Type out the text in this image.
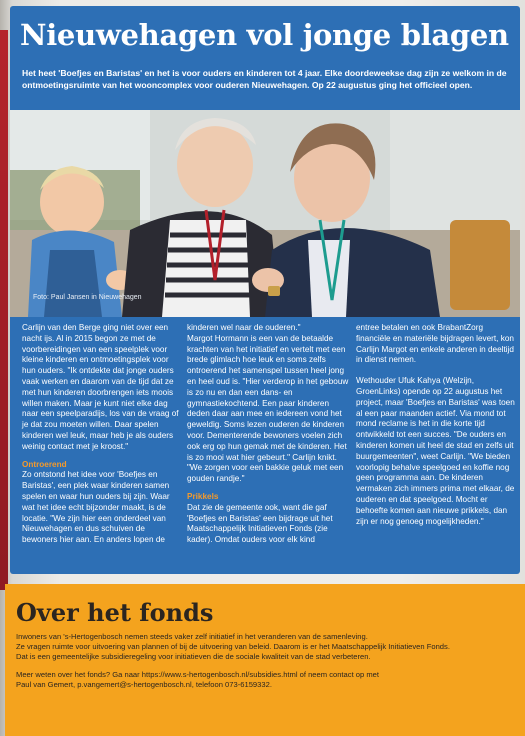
Nieuwehagen vol jonge blagen

Het heet 'Boefjes en Baristas' en het is voor ouders en kinderen tot 4 jaar. Elke doordeweekse dag zijn ze welkom in de ontmoetingsruimte van het wooncomplex voor ouderen Nieuwehagen. Op 22 augustus ging het officieel open.

Foto: Paul Jansen in Nieuwehagen

Carlijn van den Berge ging niet over een nacht ijs. Al in 2015 begon ze met de voorbereidingen van een speelplek voor kleine kinderen en ontmoetingsplek voor hun ouders. "Ik ontdekte dat jonge ouders vaak werken en daarom van de tijd dat ze met hun kinderen doorbrengen iets moois willen maken. Maar je kunt niet elke dag naar een speelparadijs, los van de vraag of je dat zou moeten willen. Daar spelen kinderen wel leuk, maar heb je als ouders weinig contact met je kroost."

Ontroerend

Zo ontstond het idee voor 'Boefjes en Baristas', een plek waar kinderen samen spelen en waar hun ouders bij zijn. Waar wat het idee echt bijzonder maakt, is de locatie. "We zijn hier een onderdeel van Nieuwehagen en dus schuiven de bewoners hier aan. En anders lopen de

kinderen wel naar de ouderen."

Margot Hormann is een van de betaalde krachten van het initiatief en vertelt met een brede glimlach hoe leuk en soms zelfs ontroerend het samenspel tussen heel jong en heel oud is. "Hier verderop in het gebouw is zo nu en dan een dans- en gymnastiekochtend. Een paar kinderen deden daar aan mee en iedereen vond het geweldig. Soms lezen ouderen de kinderen voor. Dementerende bewoners voelen zich ook erg op hun gemak met de kinderen. Het is zo mooi wat hier gebeurt." Carlijn knikt. "We zorgen voor een bakkie geluk met een gouden randje."

Prikkels

Dat zie de gemeente ook, want die gaf 'Boefjes en Baristas' een bijdrage uit het Maatschappelijk Initiatieven Fonds (zie kader). Omdat ouders voor elk kind

entree betalen en ook BrabantZorg financiële en materiële bijdragen levert, kon Carlijn Margot en enkele anderen in deeltijd in dienst nemen.

Wethouder Ufuk Kahya (Welzijn, GroenLinks) opende op 22 augustus het project, maar 'Boefjes en Baristas' was toen al een paar maanden actief. Via mond tot mond reclame is het in die korte tijd ontwikkeld tot een succes. "De ouders en kinderen komen uit heel de stad en zelfs uit buurgemeenten", weet Carlijn. "We bieden voorlopig behalve speelgoed en koffie nog geen programma aan. De kinderen vermaken zich immers prima met elkaar, de ouderen en dat speelgoed. Mocht er behoefte komen aan nieuwe prikkels, dan zijn er nog genoeg mogelijkheden."

Over het fonds

Inwoners van 's-Hertogenbosch nemen steeds vaker zelf initiatief in het veranderen van de samenleving.

Ze vragen ruimte voor uitvoering van plannen of bij de uitvoering van beleid. Daarom is er het Maatschappelijk Initiatieven Fonds.

Dat is een gemeentelijke subsidieregeling voor initiatieven die de sociale kwaliteit van de stad verbeteren.

Meer weten over het fonds? Ga naar https://www.s-hertogenbosch.nl/subsidies.html of neem contact op met

Paul van Gemert, p.vangemert@s-hertogenbosch.nl, telefoon 073-6159332.
